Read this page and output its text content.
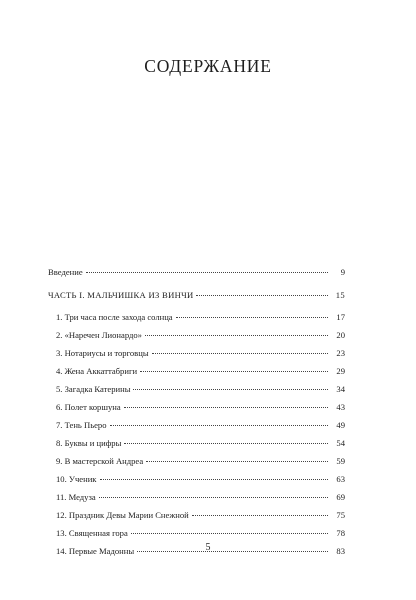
СОДЕРЖАНИЕ
Введение	9
ЧАСТЬ I. МАЛЬЧИШКА ИЗ ВИНЧИ	15
1. Три часа после захода солнца	17
2. «Наречен Лионардо»	20
3. Нотариусы и торговцы	23
4. Жена Аккаттабриги	29
5. Загадка Катерины	34
6. Полет коршуна	43
7. Тень Пьеро	49
8. Буквы и цифры	54
9. В мастерской Андреа	59
10. Ученик	63
11. Медуза	69
12. Праздник Девы Марии Снежной	75
13. Священная гора	78
14. Первые Мадонны	83
5
